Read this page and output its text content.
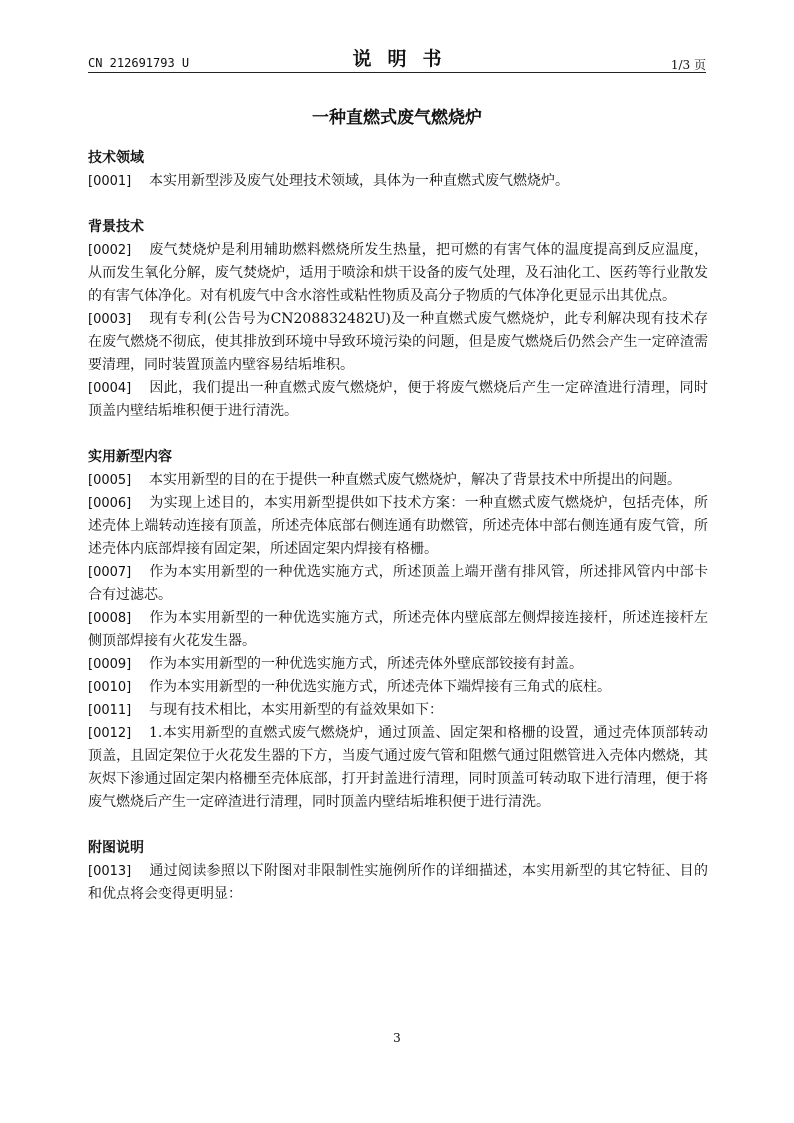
CN 212691793 U	说明书	1/3 页
一种直燃式废气燃烧炉

技术领域

[0001] 本实用新型涉及废气处理技术领域，具体为一种直燃式废气燃烧炉。

背景技术

[0002] 废气焚烧炉是利用辅助燃料燃烧所发生热量，把可燃的有害气体的温度提高到反应温度，从而发生氧化分解，废气焚烧炉，适用于喷涂和烘干设备的废气处理，及石油化工、医药等行业散发的有害气体净化。对有机废气中含水溶性或粘性物质及高分子物质的气体净化更显示出其优点。

[0003] 现有专利(公告号为CN208832482U)及一种直燃式废气燃烧炉，此专利解决现有技术存在废气燃烧不彻底，使其排放到环境中导致环境污染的问题，但是废气燃烧后仍然会产生一定碎渣需要清理，同时装置顶盖内壁容易结垢堆积。

[0004] 因此，我们提出一种直燃式废气燃烧炉，便于将废气燃烧后产生一定碎渣进行清理，同时顶盖内壁结垢堆积便于进行清洗。

实用新型内容

[0005] 本实用新型的目的在于提供一种直燃式废气燃烧炉，解决了背景技术中所提出的问题。

[0006] 为实现上述目的，本实用新型提供如下技术方案：一种直燃式废气燃烧炉，包括壳体，所述壳体上端转动连接有顶盖，所述壳体底部右侧连通有助燃管，所述壳体中部右侧连通有废气管，所述壳体内底部焊接有固定架，所述固定架内焊接有格栅。

[0007] 作为本实用新型的一种优选实施方式，所述顶盖上端开凿有排风管，所述排风管内中部卡合有过滤芯。

[0008] 作为本实用新型的一种优选实施方式，所述壳体内壁底部左侧焊接连接杆，所述连接杆左侧顶部焊接有火花发生器。

[0009] 作为本实用新型的一种优选实施方式，所述壳体外壁底部铰接有封盖。

[0010] 作为本实用新型的一种优选实施方式，所述壳体下端焊接有三角式的底柱。

[0011] 与现有技术相比，本实用新型的有益效果如下：

[0012] 1.本实用新型的直燃式废气燃烧炉，通过顶盖、固定架和格栅的设置，通过壳体顶部转动顶盖，且固定架位于火花发生器的下方，当废气通过废气管和阻燃气通过阻燃管进入壳体内燃烧，其灰烬下渗通过固定架内格栅至壳体底部，打开封盖进行清理，同时顶盖可转动取下进行清理，便于将废气燃烧后产生一定碎渣进行清理，同时顶盖内壁结垢堆积便于进行清洗。

附图说明

[0013] 通过阅读参照以下附图对非限制性实施例所作的详细描述，本实用新型的其它特征、目的和优点将会变得更明显：

3
